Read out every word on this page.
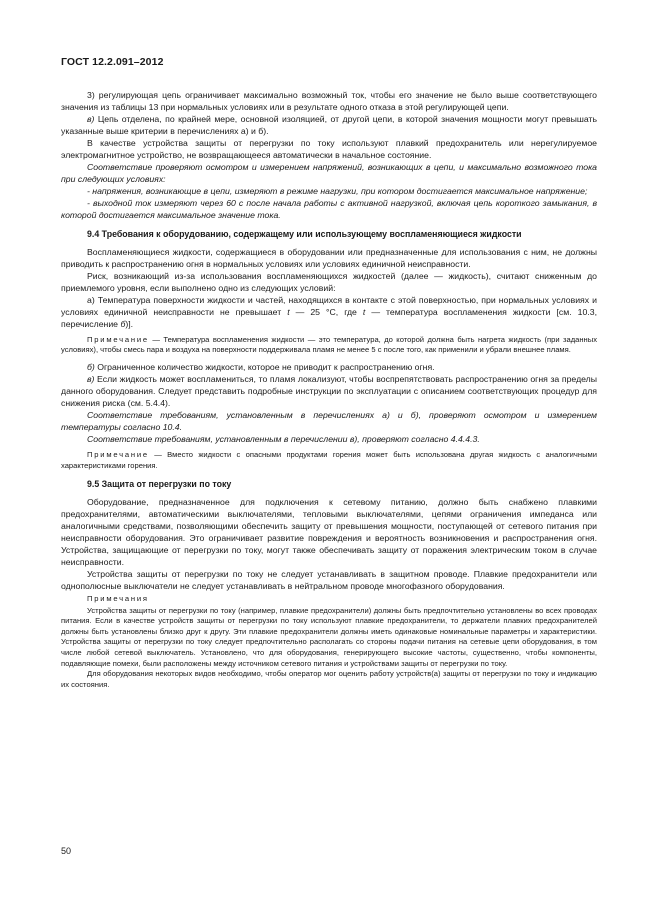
ГОСТ 12.2.091–2012

3) регулирующая цепь ограничивает максимально возможный ток, чтобы его значение не было выше соответствующего значения из таблицы 13 при нормальных условиях или в результате одного отказа в этой регулирующей цепи.

в) Цепь отделена, по крайней мере, основной изоляцией, от другой цепи, в которой значения мощности могут превышать указанные выше критерии в перечислениях а) и б).

В качестве устройства защиты от перегрузки по току используют плавкий предохранитель или нерегулируемое электромагнитное устройство, не возвращающееся автоматически в начальное состояние.

Соответствие проверяют осмотром и измерением напряжений, возникающих в цепи, и максимально возможного тока при следующих условиях:

- напряжения, возникающие в цепи, измеряют в режиме нагрузки, при котором достигается максимальное напряжение;

- выходной ток измеряют через 60 с после начала работы с активной нагрузкой, включая цепь короткого замыкания, в которой достигается максимальное значение тока.

9.4 Требования к оборудованию, содержащему или использующему воспламеняющиеся жидкости

Воспламеняющиеся жидкости, содержащиеся в оборудовании или предназначенные для использования с ним, не должны приводить к распространению огня в нормальных условиях или условиях единичной неисправности.

Риск, возникающий из-за использования воспламеняющихся жидкостей (далее — жидкость), считают сниженным до приемлемого уровня, если выполнено одно из следующих условий:

а) Температура поверхности жидкости и частей, находящихся в контакте с этой поверхностью, при нормальных условиях и условиях единичной неисправности не превышает t — 25 °С, где t — температура воспламенения жидкости [см. 10.3, перечисление б)].

Примечание — Температура воспламенения жидкости — это температура, до которой должна быть нагрета жидкость (при заданных условиях), чтобы смесь пара и воздуха на поверхности поддерживала пламя не менее 5 с после того, как применили и убрали внешнее пламя.

б) Ограниченное количество жидкости, которое не приводит к распространению огня.

в) Если жидкость может воспламениться, то пламя локализуют, чтобы воспрепятствовать распространению огня за пределы данного оборудования. Следует представить подробные инструкции по эксплуатации с описанием соответствующих процедур для снижения риска (см. 5.4.4).

Соответствие требованиям, установленным в перечислениях а) и б), проверяют осмотром и измерением температуры согласно 10.4.

Соответствие требованиям, установленным в перечислении в), проверяют согласно 4.4.4.3.

Примечание — Вместо жидкости с опасными продуктами горения может быть использована другая жидкость с аналогичными характеристиками горения.

9.5 Защита от перегрузки по току

Оборудование, предназначенное для подключения к сетевому питанию, должно быть снабжено плавкими предохранителями, автоматическими выключателями, тепловыми выключателями, цепями ограничения импеданса или аналогичными средствами, позволяющими обеспечить защиту от превышения мощности, поступающей от сетевого питания при неисправности оборудования. Это ограничивает развитие повреждения и вероятность возникновения и распространения огня. Устройства, защищающие от перегрузки по току, могут также обеспечивать защиту от поражения электрическим током в случае неисправности.

Устройства защиты от перегрузки по току не следует устанавливать в защитном проводе. Плавкие предохранители или однополюсные выключатели не следует устанавливать в нейтральном проводе многофазного оборудования.

Примечания

Устройства защиты от перегрузки по току (например, плавкие предохранители) должны быть предпочтительно установлены во всех проводах питания. Если в качестве устройств защиты от перегрузки по току используют плавкие предохранители, то держатели плавких предохранителей должны быть установлены близко друг к другу. Эти плавкие предохранители должны иметь одинаковые номинальные параметры и характеристики. Устройства защиты от перегрузки по току следует предпочтительно располагать со стороны подачи питания на сетевые цепи оборудования, в том числе любой сетевой выключатель. Установлено, что для оборудования, генерирующего высокие частоты, существенно, чтобы компоненты, подавляющие помехи, были расположены между источником сетевого питания и устройствами защиты от перегрузки по току.

Для оборудования некоторых видов необходимо, чтобы оператор мог оценить работу устройств(а) защиты от перегрузки по току и индикацию их состояния.

50
